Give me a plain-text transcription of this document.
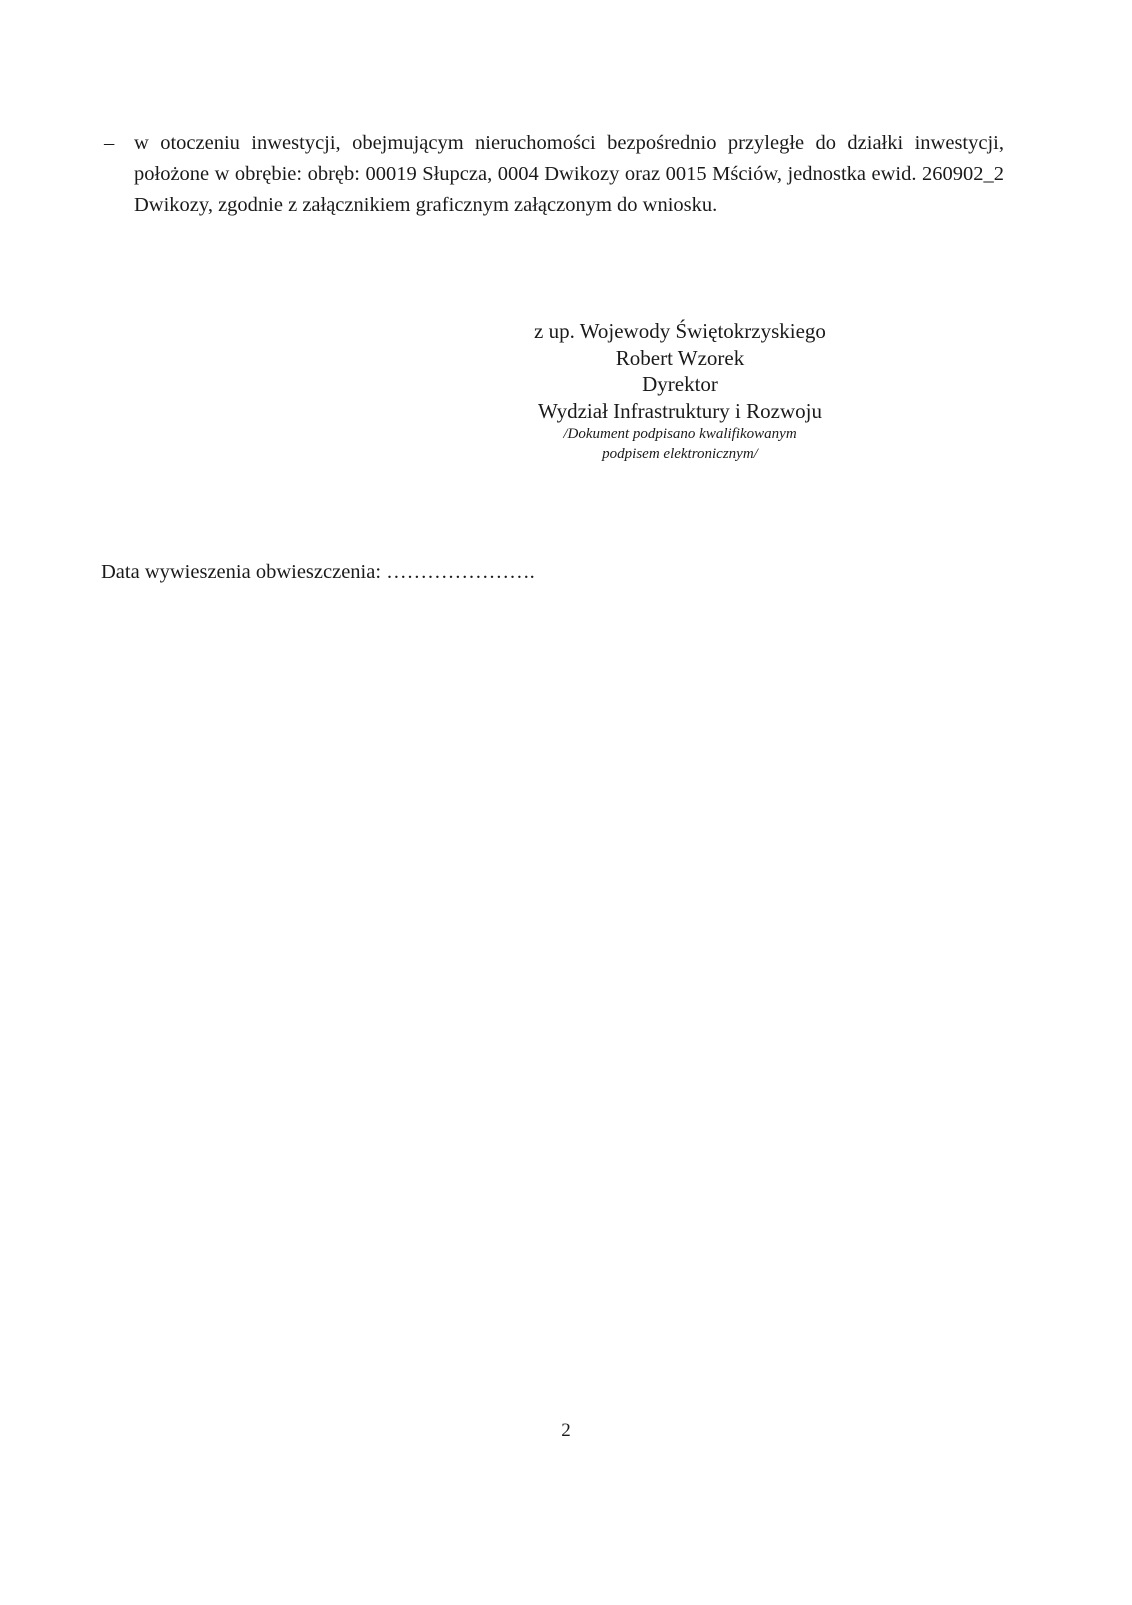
– w otoczeniu inwestycji, obejmującym nieruchomości bezpośrednio przyległe do działki inwestycji, położone w obrębie: obręb: 00019 Słupcza, 0004 Dwikozy oraz 0015 Mściów, jednostka ewid. 260902_2 Dwikozy, zgodnie z załącznikiem graficznym załączonym do wniosku.
z up. Wojewody Świętokrzyskiego
Robert Wzorek
Dyrektor
Wydział Infrastruktury i Rozwoju
/Dokument podpisano kwalifikowanym
podpisem elektronicznym/
Data wywieszenia obwieszczenia: ………………….
2
